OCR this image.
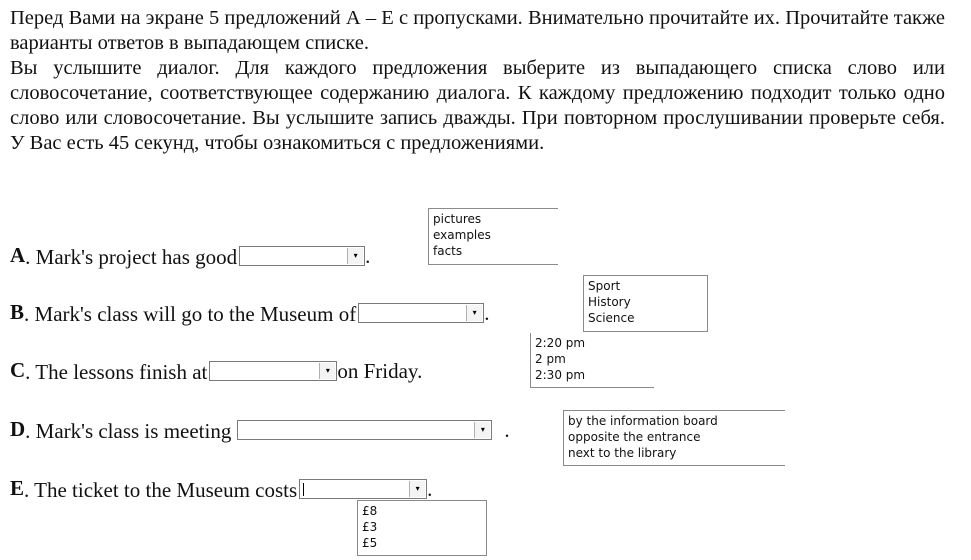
Перед Вами на экране 5 предложений А – Е с пропусками. Внимательно прочитайте их. Прочитайте также варианты ответов в выпадающем списке.

Вы услышите диалог. Для каждого предложения выберите из выпадающего списка слово или словосочетание, соответствующее содержанию диалога. К каждому предложению подходит только одно слово или словосочетание. Вы услышите запись дважды. При повторном прослушивании проверьте себя. У Вас есть 45 секунд, чтобы ознакомиться с предложениями.

A. Mark's project has good	▾ .
pictures
examples
facts
B. Mark's class will go to the Museum of	▾ .
Sport
History
Science
C. The lessons finish at	▾ on Friday.
2:20 pm
2 pm
2:30 pm
D. Mark's class is meeting	▾ .	by the information board
opposite the entrance
next to the library
E. The ticket to the Museum costs	▾ .
£8
£3
£5
